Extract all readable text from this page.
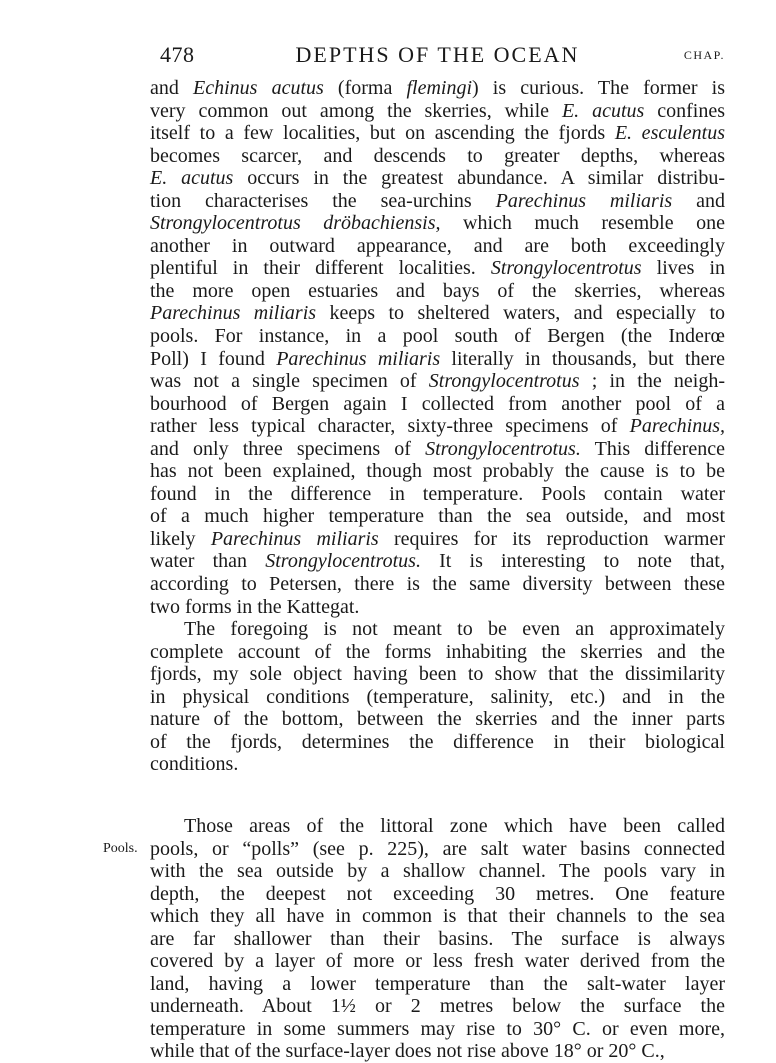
478	DEPTHS OF THE OCEAN	CHAP.
and Echinus acutus (forma flemingi) is curious. The former is
very common out among the skerries, while E. acutus confines
itself to a few localities, but on ascending the fjords E. esculentus
becomes scarcer, and descends to greater depths, whereas
E. acutus occurs in the greatest abundance. A similar distribu-
tion characterises the sea-urchins Parechinus miliaris and
Strongylocentrotus dröbachiensis, which much resemble one
another in outward appearance, and are both exceedingly
plentiful in their different localities. Strongylocentrotus lives in
the more open estuaries and bays of the skerries, whereas
Parechinus miliaris keeps to sheltered waters, and especially to
pools. For instance, in a pool south of Bergen (the Inderœ
Poll) I found Parechinus miliaris literally in thousands, but there
was not a single specimen of Strongylocentrotus ; in the neigh-
bourhood of Bergen again I collected from another pool of a
rather less typical character, sixty-three specimens of Parechinus,
and only three specimens of Strongylocentrotus. This difference
has not been explained, though most probably the cause is to be
found in the difference in temperature. Pools contain water
of a much higher temperature than the sea outside, and most
likely Parechinus miliaris requires for its reproduction warmer
water than Strongylocentrotus. It is interesting to note that,
according to Petersen, there is the same diversity between these
two forms in the Kattegat.
The foregoing is not meant to be even an approximately
complete account of the forms inhabiting the skerries and the
fjords, my sole object having been to show that the dissimilarity
in physical conditions (temperature, salinity, etc.) and in the
nature of the bottom, between the skerries and the inner parts
of the fjords, determines the difference in their biological
conditions.
Those areas of the littoral zone which have been called
Pools. pools, or “polls” (see p. 225), are salt water basins connected
with the sea outside by a shallow channel. The pools vary in
depth, the deepest not exceeding 30 metres. One feature
which they all have in common is that their channels to the sea
are far shallower than their basins. The surface is always
covered by a layer of more or less fresh water derived from the
land, having a lower temperature than the salt-water layer
underneath. About 1½ or 2 metres below the surface the
temperature in some summers may rise to 30° C. or even more,
while that of the surface-layer does not rise above 18° or 20° C.,
